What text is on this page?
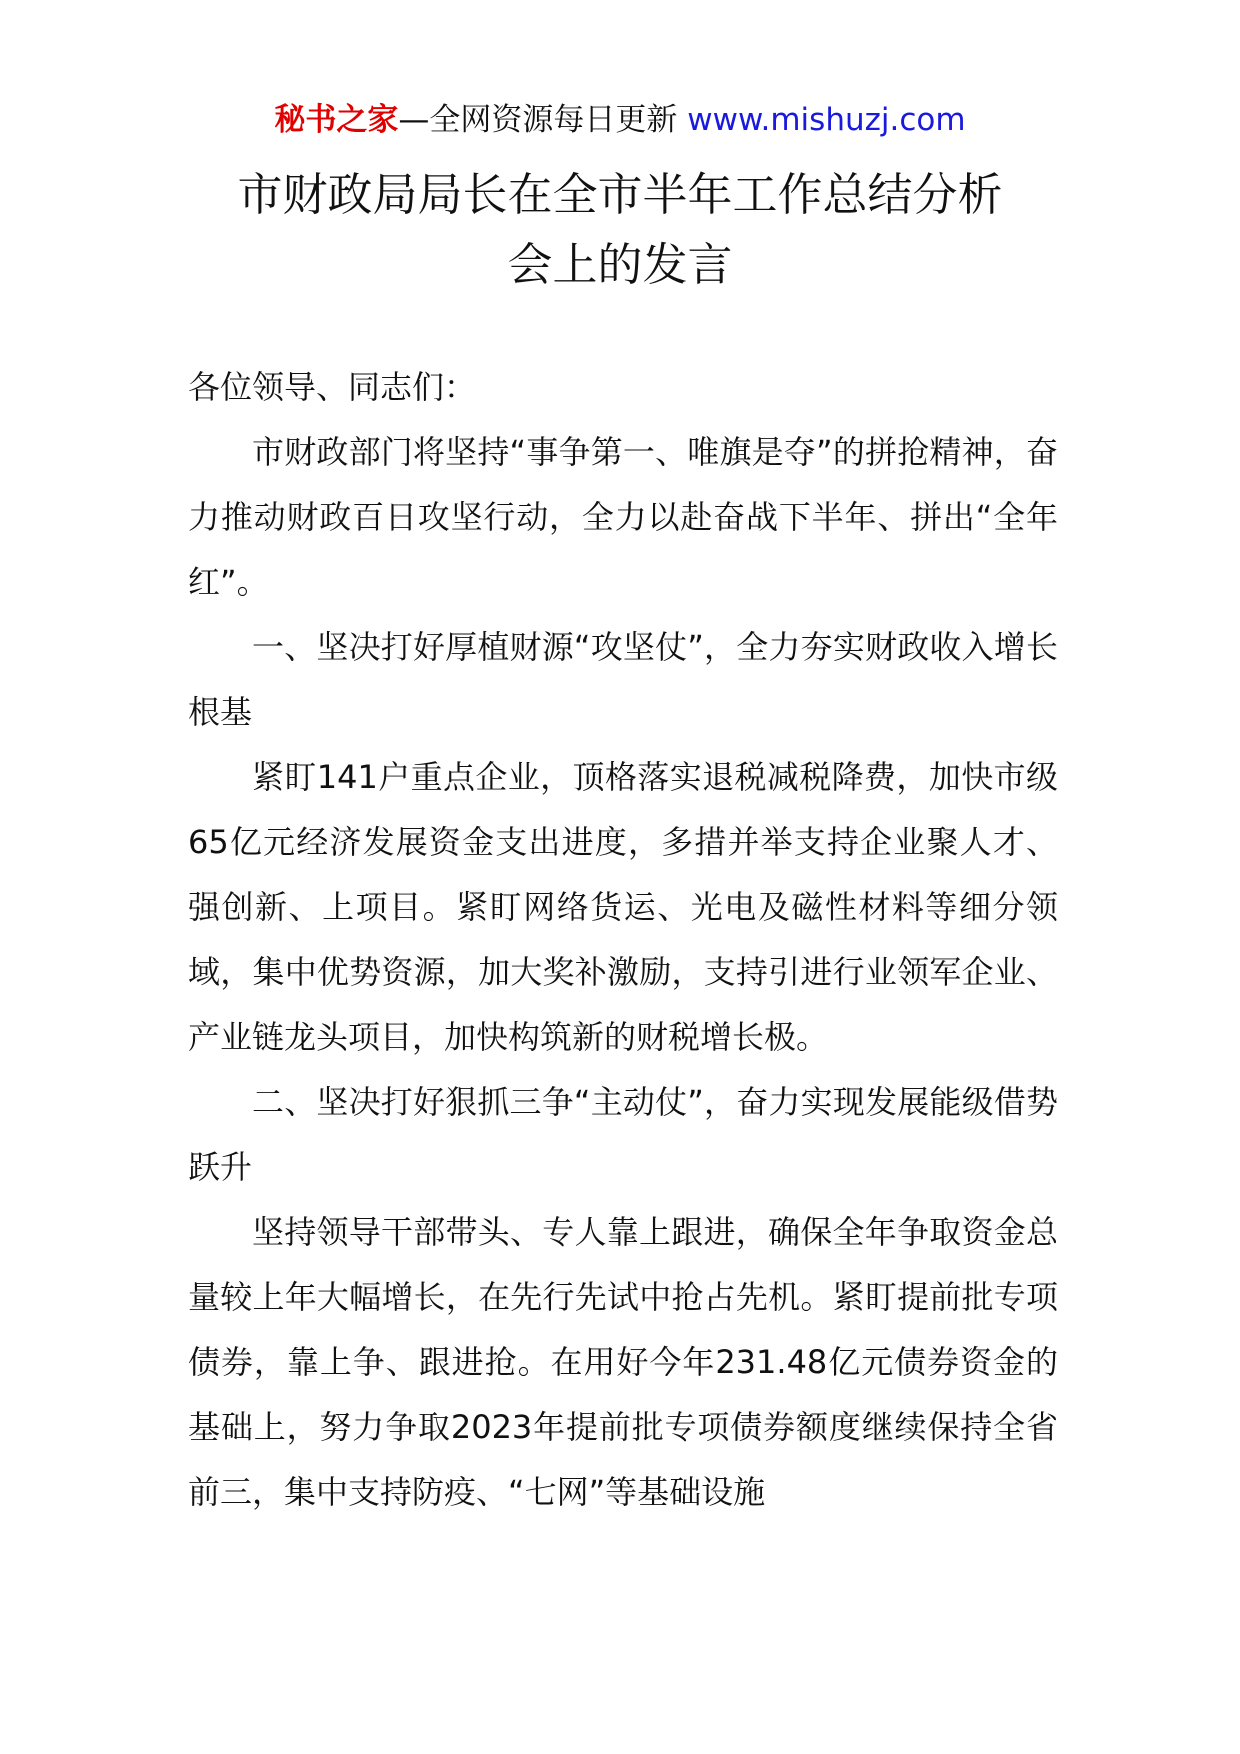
秘书之家—全网资源每日更新 www.mishuzj.com
市财政局局长在全市半年工作总结分析
会上的发言

各位领导、同志们：

市财政部门将坚持“事争第一、唯旗是夺”的拼抢精神，奋力推动财政百日攻坚行动，全力以赴奋战下半年、拼出“全年红”。

一、坚决打好厚植财源“攻坚仗”，全力夯实财政收入增长根基

紧盯141户重点企业，顶格落实退税减税降费，加快市级65亿元经济发展资金支出进度，多措并举支持企业聚人才、强创新、上项目。紧盯网络货运、光电及磁性材料等细分领域，集中优势资源，加大奖补激励，支持引进行业领军企业、产业链龙头项目，加快构筑新的财税增长极。

二、坚决打好狠抓三争“主动仗”，奋力实现发展能级借势跃升

坚持领导干部带头、专人靠上跟进，确保全年争取资金总量较上年大幅增长，在先行先试中抢占先机。紧盯提前批专项债券，靠上争、跟进抢。在用好今年231.48亿元债券资金的基础上，努力争取2023年提前批专项债券额度继续保持全省前三，集中支持防疫、“七网”等基础设施
